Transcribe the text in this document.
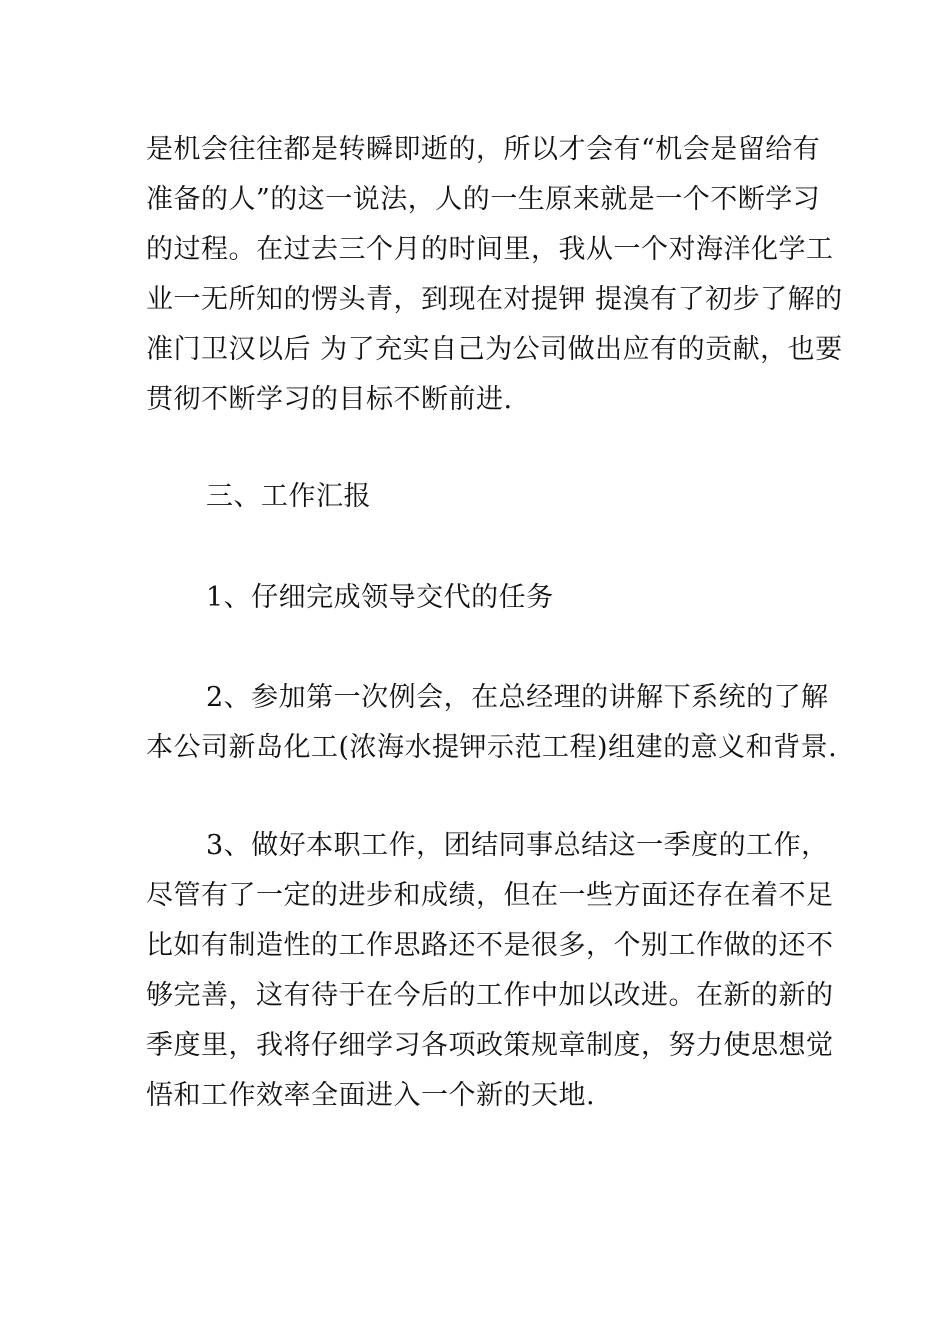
是机会往往都是转瞬即逝的，所以才会有“机会是留给有
准备的人”的这一说法，人的一生原来就是一个不断学习
的过程。在过去三个月的时间里，我从一个对海洋化学工
业一无所知的愣头青，到现在对提钾 提溴有了初步了解的
准门卫汉以后 为了充实自己为公司做出应有的贡献，也要
贯彻不断学习的目标不断前进.
三、工作汇报
1、仔细完成领导交代的任务
2、参加第一次例会，在总经理的讲解下系统的了解
本公司新岛化工(浓海水提钾示范工程)组建的意义和背景.
3、做好本职工作，团结同事总结这一季度的工作，
尽管有了一定的进步和成绩，但在一些方面还存在着不足
比如有制造性的工作思路还不是很多，个别工作做的还不
够完善，这有待于在今后的工作中加以改进。在新的新的
季度里，我将仔细学习各项政策规章制度，努力使思想觉
悟和工作效率全面进入一个新的天地.
